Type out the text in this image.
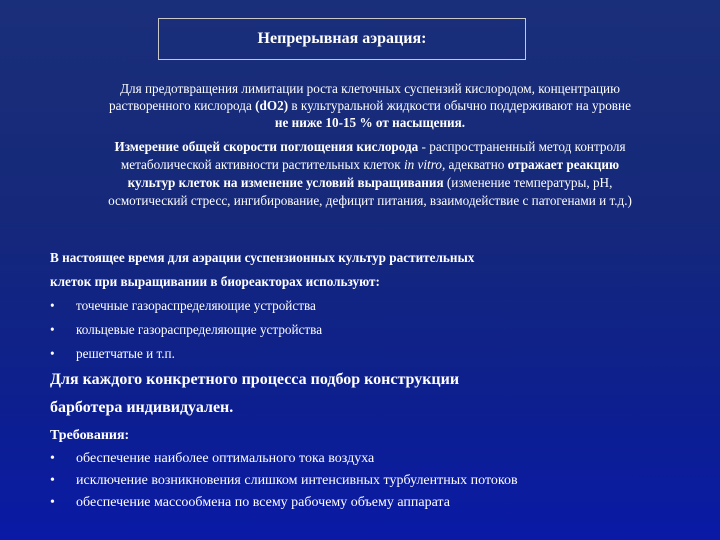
Непрерывная аэрация:
Для предотвращения лимитации роста клеточных суспензий кислородом, концентрацию
растворенного кислорода (dO2) в культуральной жидкости обычно поддерживают на уровне
не ниже 10-15 % от насыщения.
Измерение общей скорости поглощения кислорода - распространенный метод контроля
метаболической активности растительных клеток in vitro, адекватно отражает реакцию
культур клеток на изменение условий выращивания (изменение температуры, pH,
осмотический стресс, ингибирование, дефицит питания, взаимодействие с патогенами и т.д.)
В настоящее время для аэрации суспензионных культур растительных
клеток при выращивании в биореакторах используют:
•	точечные газораспределяющие устройства
•	кольцевые газораспределяющие устройства
•	решетчатые и т.п.
Для каждого конкретного процесса подбор конструкции
барботера индивидуален.
Требования:
•	обеспечение наиболее оптимального тока воздуха
•	исключение возникновения слишком интенсивных турбулентных потоков
•	обеспечение массообмена по всему рабочему объему аппарата
